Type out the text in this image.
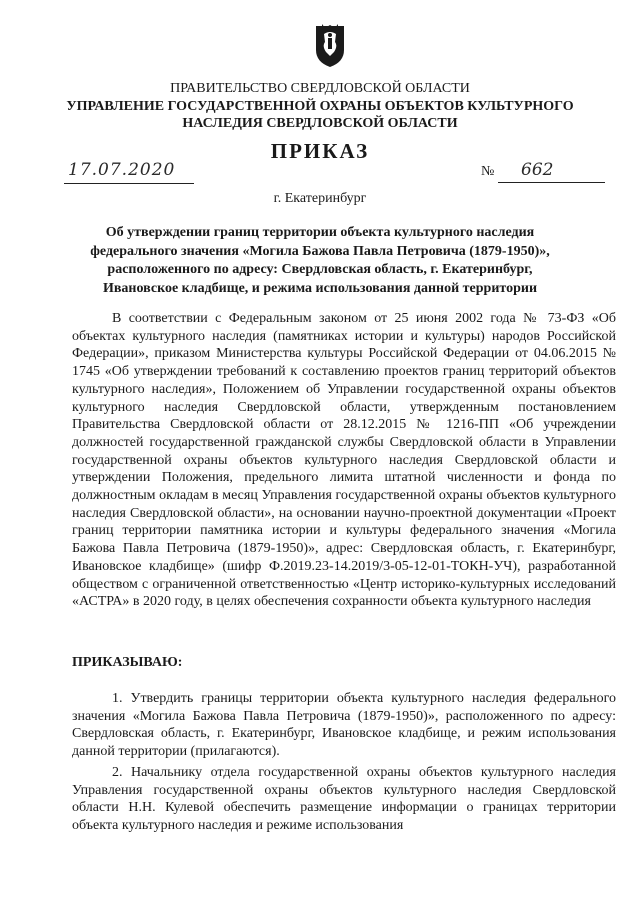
ПРАВИТЕЛЬСТВО СВЕРДЛОВСКОЙ ОБЛАСТИ
УПРАВЛЕНИЕ ГОСУДАРСТВЕННОЙ ОХРАНЫ ОБЪЕКТОВ КУЛЬТУРНОГО НАСЛЕДИЯ СВЕРДЛОВСКОЙ ОБЛАСТИ
ПРИКАЗ
17.07.2020	№ 662
г. Екатеринбург
Об утверждении границ территории объекта культурного наследия федерального значения «Могила Бажова Павла Петровича (1879-1950)», расположенного по адресу: Свердловская область, г. Екатеринбург, Ивановское кладбище, и режима использования данной территории
В соответствии с Федеральным законом от 25 июня 2002 года № 73-ФЗ «Об объектах культурного наследия (памятниках истории и культуры) народов Российской Федерации», приказом Министерства культуры Российской Федерации от 04.06.2015 № 1745 «Об утверждении требований к составлению проектов границ территорий объектов культурного наследия», Положением об Управлении государственной охраны объектов культурного наследия Свердловской области, утвержденным постановлением Правительства Свердловской области от 28.12.2015 № 1216-ПП «Об учреждении должностей государственной гражданской службы Свердловской области в Управлении государственной охраны объектов культурного наследия Свердловской области и утверждении Положения, предельного лимита штатной численности и фонда по должностным окладам в месяц Управления государственной охраны объектов культурного наследия Свердловской области», на основании научно-проектной документации «Проект границ территории памятника истории и культуры федерального значения «Могила Бажова Павла Петровича (1879-1950)», адрес: Свердловская область, г. Екатеринбург, Ивановское кладбище» (шифр Ф.2019.23-14.2019/3-05-12-01-ТОКН-УЧ), разработанной обществом с ограниченной ответственностью «Центр историко-культурных исследований «АСТРА» в 2020 году, в целях обеспечения сохранности объекта культурного наследия
ПРИКАЗЫВАЮ:
1. Утвердить границы территории объекта культурного наследия федерального значения «Могила Бажова Павла Петровича (1879-1950)», расположенного по адресу: Свердловская область, г. Екатеринбург, Ивановское кладбище, и режим использования данной территории (прилагаются).
2. Начальнику отдела государственной охраны объектов культурного наследия Управления государственной охраны объектов культурного наследия Свердловской области Н.Н. Кулевой обеспечить размещение информации о границах территории объекта культурного наследия и режиме использования
